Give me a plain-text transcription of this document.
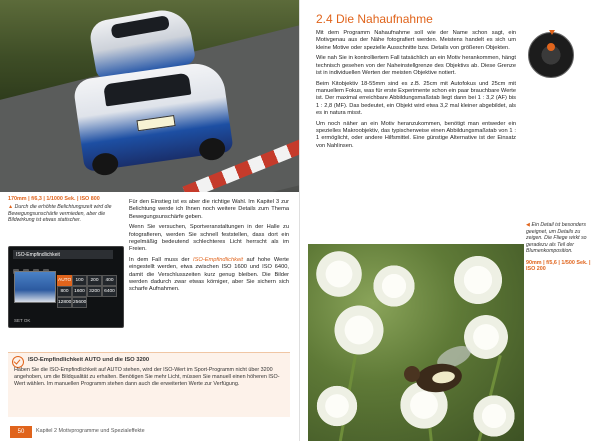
170mm | f/6,3 | 1/1000 Sek. | ISO 800
▲ Durch die erhöhte Belichtungszeit wird die Bewegungsunschärfe vermieden, aber die Bildwirkung ist etwas statischer.

Für den Einstieg ist es aber die richtige Wahl. Im Kapitel 3 zur Belichtung werde ich Ihnen noch weitere Details zum Thema Bewegungsunschärfe geben.

Wenn Sie versuchen, Sportveranstaltungen in der Halle zu fotografieren, werden Sie schnell feststellen, dass dort ein regelmäßig bedeutend schlechteres Licht herrscht als im Freien.

In dem Fall muss der ISO-Empfindlichkeit auf hohe Werte eingestellt werden, etwa zwischen ISO 1600 und ISO 6400, damit die Verschlusszeiten kurz genug bleiben. Die Bilder werden dadurch zwar etwas körniger, aber Sie sichern sich scharfe Aufnahmen.

ISO-Empfindlichkeit
AUTO 100	200	400
800	1600 3200 6400
12800 25600
SET OK
ISO-Empfindlichkeit AUTO und die ISO 3200
Haben Sie die ISO-Empfindlichkeit auf AUTO stehen, wird der ISO-Wert im Sport-Programm nicht über 3200 angehoben, um die Bildqualität zu erhalten. Benötigen Sie mehr Licht, müssen Sie manuell einen höheren ISO-Wert wählen. Im manuellen Programm stehen dann auch die erweiterten Werte zur Verfügung.
50	Kapitel 2 Motivprogramme und Spezialeffekte
2.4 Die Nahaufnahme

Mit dem Programm Nahaufnahme soll wie der Name schon sagt, ein Motivgenau aus der Nähe fotografiert werden. Meistens handelt es sich um kleine Motive oder spezielle Ausschnitte bzw. Details von größeren Objekten.

Wie nah Sie in kontrolliertem Fall tatsächlich an ein Motiv herankommen, hängt technisch gesehen von der Naheinstellgrenze des Objektivs ab. Diese Grenze ist in individuellen Werten der meisten Objektive notiert.

Beim Kitobjektiv 18-55mm sind es z.B. 25cm mit Autofokus und 25cm mit manuellem Fokus, was für erste Experimente schon ein paar brauchbare Werte ist. Der maximal erreichbare Abbildungsmaßstab liegt dann bei 1 : 3,2 (AF) bis 1 : 2,8 (MF). Das bedeutet, ein Objekt wird etwa 3,2 mal kleiner abgebildet, als es in natura misst.

Um noch näher an ein Motiv heranzukommen, benötigt man entweder ein spezielles Makroobjektiv, das typischerweise einen Abbildungsmaßstab von 1 : 1 ermöglicht, oder andere Hilfsmittel. Eine günstige Alternative ist der Einsatz von Nahlinsen.

◀ Ein Detail ist besonders geeignet, um Details zu zeigen. Die Fliege wirkt so geradezu als Teil der Blumenkomposition.
90mm | f/5,6 | 1/500 Sek. | ISO 200
